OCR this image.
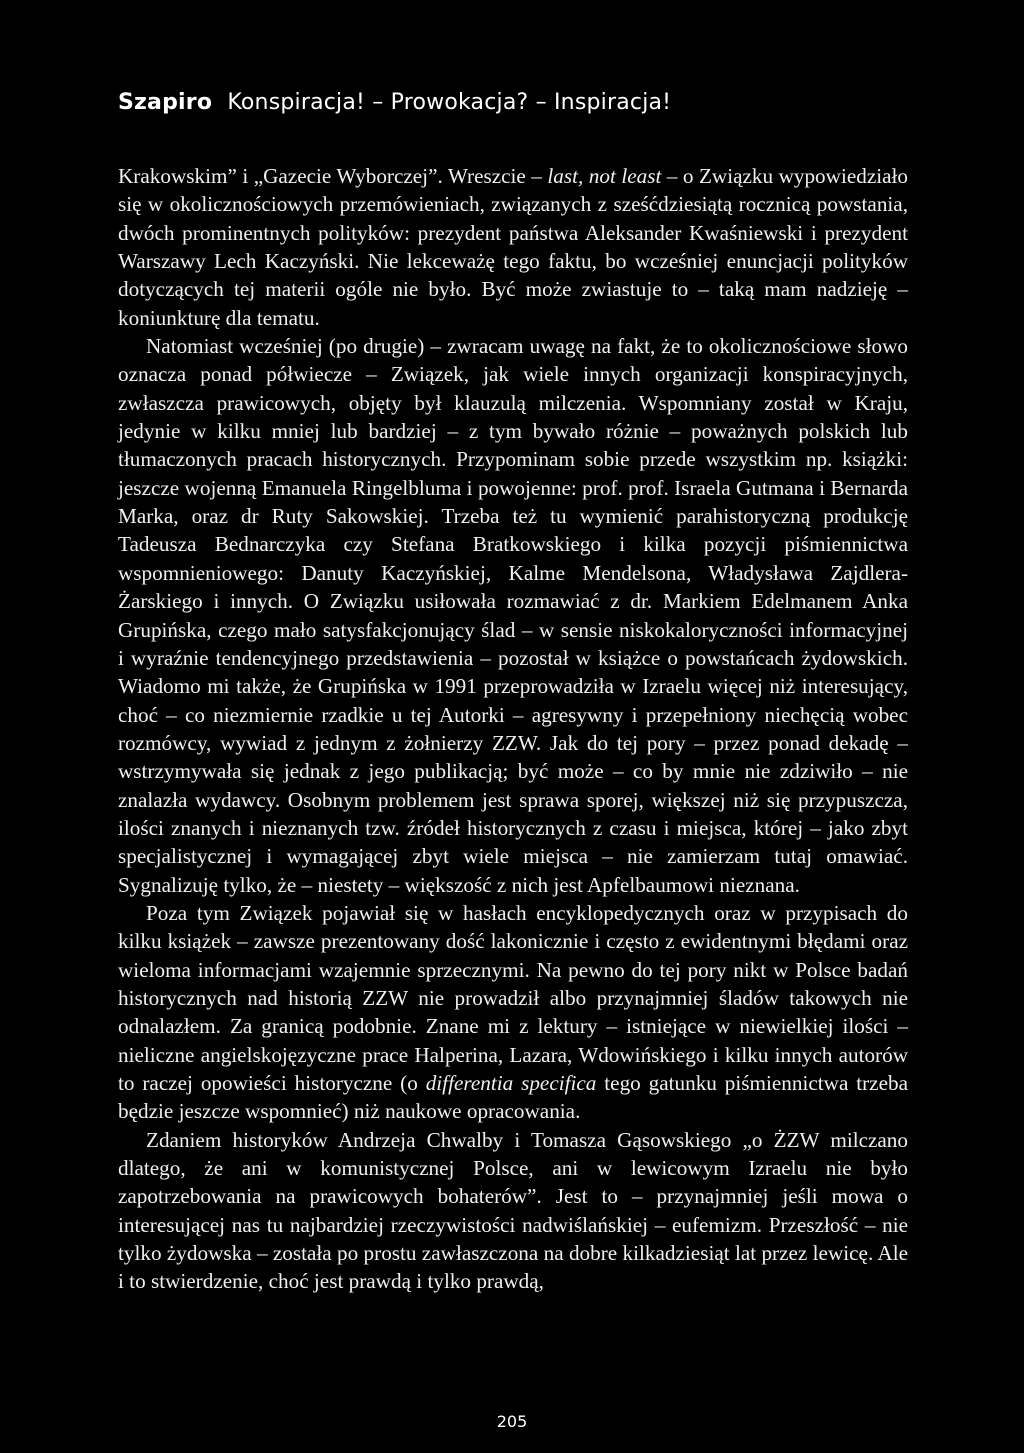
Szapiro Konspiracja! – Prowokacja? – Inspiracja!

Krakowskim” i „Gazecie Wyborczej”. Wreszcie – last, not least – o Związku wypowiedziało się w okolicznościowych przemówieniach, związanych z sześćdziesiątą rocznicą powstania, dwóch prominentnych polityków: prezydent państwa Aleksander Kwaśniewski i prezydent Warszawy Lech Kaczyński. Nie lekceważę tego faktu, bo wcześniej enuncjacji polityków dotyczących tej materii ogóle nie było. Być może zwiastuje to – taką mam nadzieję – koniunkturę dla tematu.

Natomiast wcześniej (po drugie) – zwracam uwagę na fakt, że to okolicznościowe słowo oznacza ponad półwiecze – Związek, jak wiele innych organizacji konspiracyjnych, zwłaszcza prawicowych, objęty był klauzulą milczenia. Wspomniany został w Kraju, jedynie w kilku mniej lub bardziej – z tym bywało różnie – poważnych polskich lub tłumaczonych pracach historycznych. Przypominam sobie przede wszystkim np. książki: jeszcze wojenną Emanuela Ringelbluma i powojenne: prof. prof. Israela Gutmana i Bernarda Marka, oraz dr Ruty Sakowskiej. Trzeba też tu wymienić parahistoryczną produkcję Tadeusza Bednarczyka czy Stefana Bratkowskiego i kilka pozycji piśmiennictwa wspomnieniowego: Danuty Kaczyńskiej, Kalme Mendelsona, Władysława Zajdlera-Żarskiego i innych. O Związku usiłowała rozmawiać z dr. Markiem Edelmanem Anka Grupińska, czego mało satysfakcjonujący ślad – w sensie niskokaloryczności informacyjnej i wyraźnie tendencyjnego przedstawienia – pozostał w książce o powstańcach żydowskich. Wiadomo mi także, że Grupińska w 1991 przeprowadziła w Izraelu więcej niż interesujący, choć – co niezmiernie rzadkie u tej Autorki – agresywny i przepełniony niechęcią wobec rozmówcy, wywiad z jednym z żołnierzy ZZW. Jak do tej pory – przez ponad dekadę – wstrzymywała się jednak z jego publikacją; być może – co by mnie nie zdziwiło – nie znalazła wydawcy. Osobnym problemem jest sprawa sporej, większej niż się przypuszcza, ilości znanych i nieznanych tzw. źródeł historycznych z czasu i miejsca, której – jako zbyt specjalistycznej i wymagającej zbyt wiele miejsca – nie zamierzam tutaj omawiać. Sygnalizuję tylko, że – niestety – większość z nich jest Apfelbaumowi nieznana.

Poza tym Związek pojawiał się w hasłach encyklopedycznych oraz w przypisach do kilku książek – zawsze prezentowany dość lakonicznie i często z ewidentnymi błędami oraz wieloma informacjami wzajemnie sprzecznymi. Na pewno do tej pory nikt w Polsce badań historycznych nad historią ZZW nie prowadził albo przynajmniej śladów takowych nie odnalazłem. Za granicą podobnie. Znane mi z lektury – istniejące w niewielkiej ilości – nieliczne angielskojęzyczne prace Halperina, Lazara, Wdowińskiego i kilku innych autorów to raczej opowieści historyczne (o differentia specifica tego gatunku piśmiennictwa trzeba będzie jeszcze wspomnieć) niż naukowe opracowania.

Zdaniem historyków Andrzeja Chwalby i Tomasza Gąsowskiego „o ŻZW milczano dlatego, że ani w komunistycznej Polsce, ani w lewicowym Izraelu nie było zapotrzebowania na prawicowych bohaterów”. Jest to – przynajmniej jeśli mowa o interesującej nas tu najbardziej rzeczywistości nadwiślańskiej – eufemizm. Przeszłość – nie tylko żydowska – została po prostu zawłaszczona na dobre kilkadziesiąt lat przez lewicę. Ale i to stwierdzenie, choć jest prawdą i tylko prawdą,

205
